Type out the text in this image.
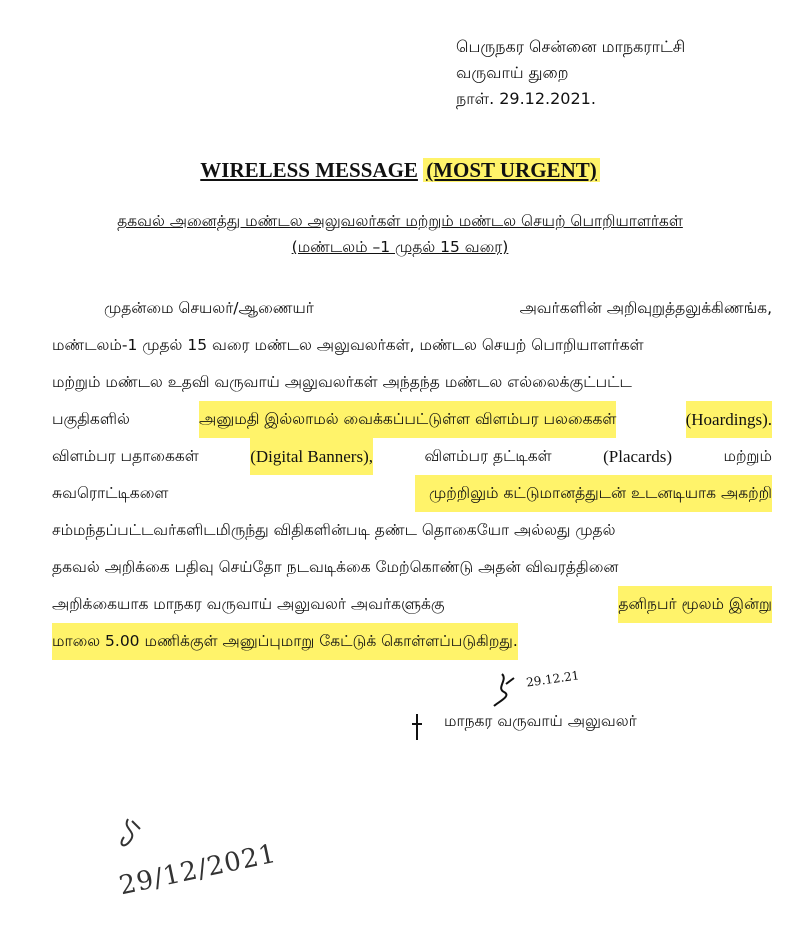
பெருநகர சென்னை மாநகராட்சி
வருவாய் துறை
நாள். 29.12.2021.
WIRELESS MESSAGE (MOST URGENT)
தகவல் அனைத்து மண்டல அலுவலர்கள் மற்றும் மண்டல செயற் பொறியாளர்கள்
(மண்டலம் –1 முதல் 15 வரை)
முதன்மை செயலர்/ஆணையர்	அவர்களின் அறிவுறுத்தலுக்கிணங்க,
மண்டலம்-1 முதல் 15 வரை மண்டல அலுவலர்கள், மண்டல செயற் பொறியாளர்கள்
மற்றும் மண்டல உதவி வருவாய் அலுவலர்கள் அந்தந்த மண்டல எல்லைக்குட்பட்ட
பகுதிகளில்	அனுமதி இல்லாமல் வைக்கப்பட்டுள்ள விளம்பர பலகைகள்	(Hoardings).
விளம்பர பதாகைகள்	(Digital Banners),	விளம்பர தட்டிகள்	(Placards)	மற்றும்
சுவரொட்டிகளை	முற்றிலும் கட்டுமானத்துடன் உடனடியாக அகற்றி
சம்மந்தப்பட்டவர்களிடமிருந்து விதிகளின்படி தண்ட தொகையோ அல்லது முதல்
தகவல் அறிக்கை பதிவு செய்தோ நடவடிக்கை மேற்கொண்டு அதன் விவரத்தினை
அறிக்கையாக மாநகர வருவாய் அலுவலர் அவர்களுக்கு	தனிநபர் மூலம் இன்று
மாலை 5.00 மணிக்குள் அனுப்புமாறு கேட்டுக் கொள்ளப்படுகிறது.
29.12.21
மாநகர வருவாய் அலுவலர்
29/12/2021
